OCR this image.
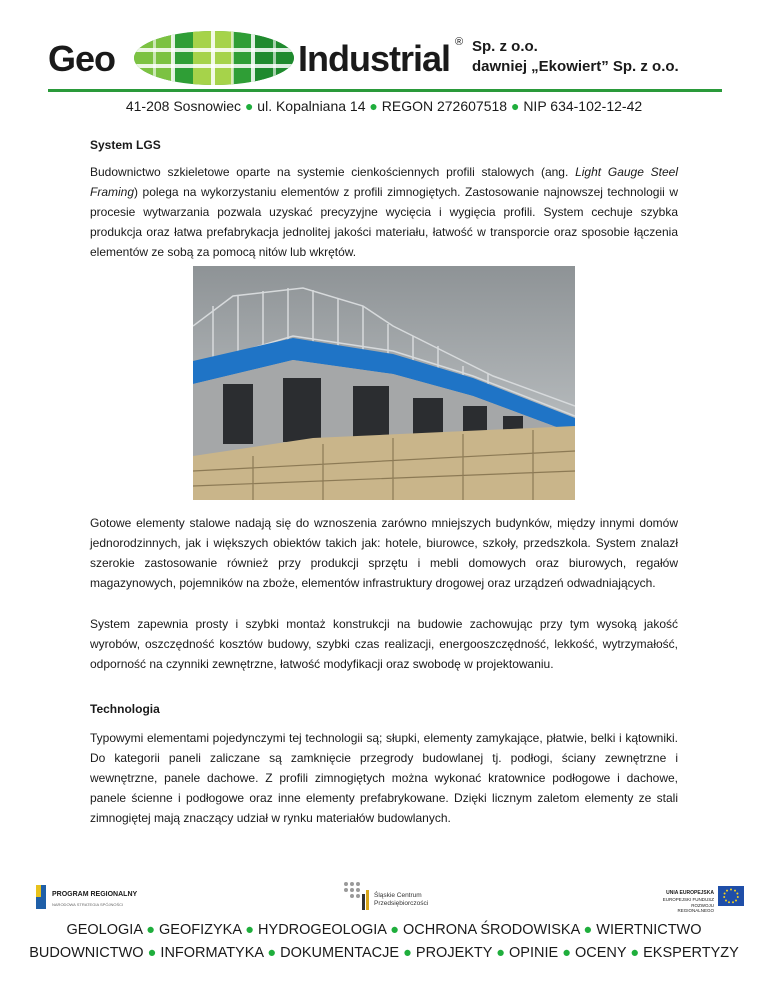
Geo	Industrial ® Sp. z o.o.
dawniej „Ekowiert” Sp. z o.o.
41-208 Sosnowiec ● ul. Kopalniana 14 ● REGON 272607518 ● NIP 634-102-12-42
System LGS
Budownictwo szkieletowe oparte na systemie cienkościennych profili stalowych (ang. Light Gauge Steel Framing) polega na wykorzystaniu elementów z profili zimnogiętych. Zastosowanie najnowszej technologii w procesie wytwarzania pozwala uzyskać precyzyjne wycięcia i wygięcia profili. System cechuje szybka produkcja oraz łatwa prefabrykacja jednolitej jakości materiału, łatwość w transporcie oraz sposobie łączenia elementów ze sobą za pomocą nitów lub wkrętów.
Gotowe elementy stalowe nadają się do wznoszenia zarówno mniejszych budynków, między innymi domów jednorodzinnych, jak i większych obiektów takich jak: hotele, biurowce, szkoły, przedszkola. System znalazł szerokie zastosowanie również przy produkcji sprzętu i mebli domowych oraz biurowych, regałów magazynowych, pojemników na zboże, elementów infrastruktury drogowej oraz urządzeń odwadniających.
System zapewnia prosty i szybki montaż konstrukcji na budowie zachowując przy tym wysoką jakość wyrobów, oszczędność kosztów budowy, szybki czas realizacji, energooszczędność, lekkość, wytrzymałość, odporność na czynniki zewnętrzne, łatwość modyfikacji oraz swobodę w projektowaniu.
Technologia
Typowymi elementami pojedynczymi tej technologii są; słupki, elementy zamykające, płatwie, belki i kątowniki. Do kategorii paneli zaliczane są zamknięcie przegrody budowlanej tj. podłogi, ściany zewnętrzne i wewnętrzne, panele dachowe. Z profili zimnogiętych można wykonać kratownice podłogowe i dachowe, panele ścienne i podłogowe oraz inne elementy prefabrykowane. Dzięki licznym zaletom elementy ze stali zimnogiętej mają znaczący udział w rynku materiałów budowlanych.
PROGRAM REGIONALNY
NARODOWA STRATEGIA SPÓJNOŚCI
Śląskie Centrum
Przedsiębiorczości
UNIA EUROPEJSKA
EUROPEJSKI FUNDUSZ
ROZWOJU REGIONALNEGO
GEOLOGIA ● GEOFIZYKA ● HYDROGEOLOGIA ● OCHRONA ŚRODOWISKA ● WIERTNICTWO
BUDOWNICTWO ● INFORMATYKA ● DOKUMENTACJE ● PROJEKTY ● OPINIE ● OCENY ● EKSPERTYZY
